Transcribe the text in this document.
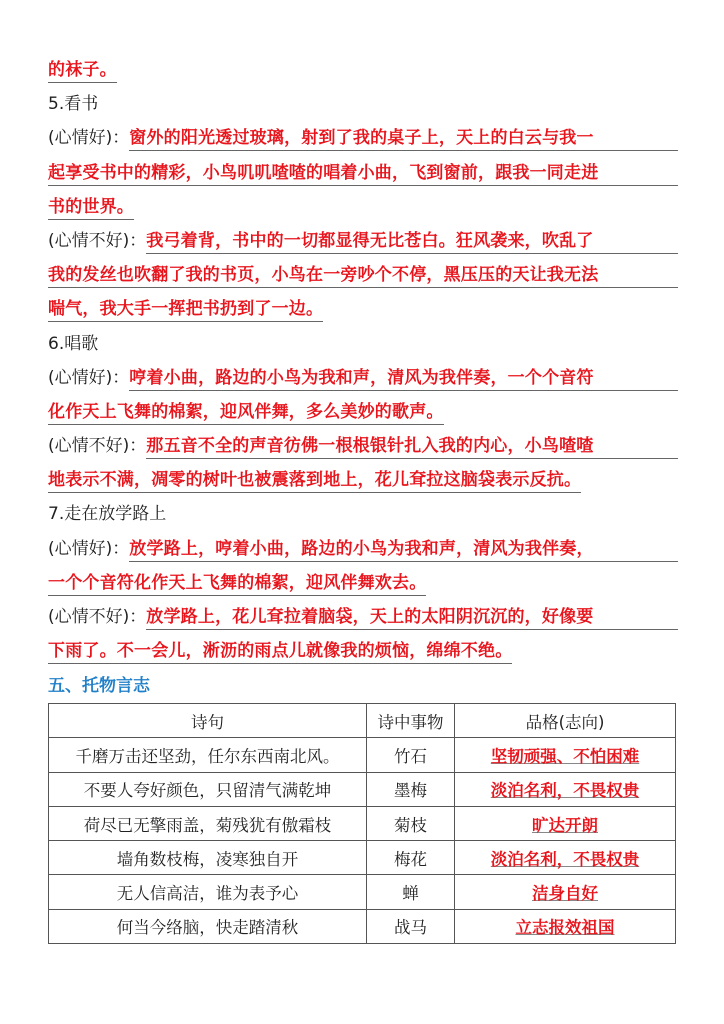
的袜子。
5.看书
(心情好)： 窗外的阳光透过玻璃，射到了我的桌子上，天上的白云与我一
起享受书中的精彩，小鸟叽叽喳喳的唱着小曲，飞到窗前，跟我一同走进
书的世界。
(心情不好)： 我弓着背，书中的一切都显得无比苍白。狂风袭来，吹乱了
我的发丝也吹翻了我的书页，小鸟在一旁吵个不停，黑压压的天让我无法
喘气，我大手一挥把书扔到了一边。
6.唱歌
(心情好)： 哼着小曲，路边的小鸟为我和声，清风为我伴奏，一个个音符
化作天上飞舞的棉絮，迎风伴舞，多么美妙的歌声。
(心情不好)： 那五音不全的声音彷佛一根根银针扎入我的内心，小鸟喳喳
地表示不满，凋零的树叶也被震落到地上，花儿耷拉这脑袋表示反抗。
7.走在放学路上
(心情好)： 放学路上，哼着小曲，路边的小鸟为我和声，清风为我伴奏，
一个个音符化作天上飞舞的棉絮，迎风伴舞欢去。
(心情不好)： 放学路上，花儿耷拉着脑袋，天上的太阳阴沉沉的，好像要
下雨了。不一会儿，淅沥的雨点儿就像我的烦恼，绵绵不绝。
五、托物言志
诗句	诗中事物	品格(志向)
千磨万击还坚劲，任尔东西南北风。	竹石	坚韧顽强、不怕困难
不要人夸好颜色，只留清气满乾坤	墨梅	淡泊名利，不畏权贵
荷尽已无擎雨盖，菊残犹有傲霜枝	菊枝	旷达开朗
墙角数枝梅，凌寒独自开	梅花	淡泊名利，不畏权贵
无人信高洁，谁为表予心	蝉	洁身自好
何当今络脑，快走踏清秋	战马	立志报效祖国
